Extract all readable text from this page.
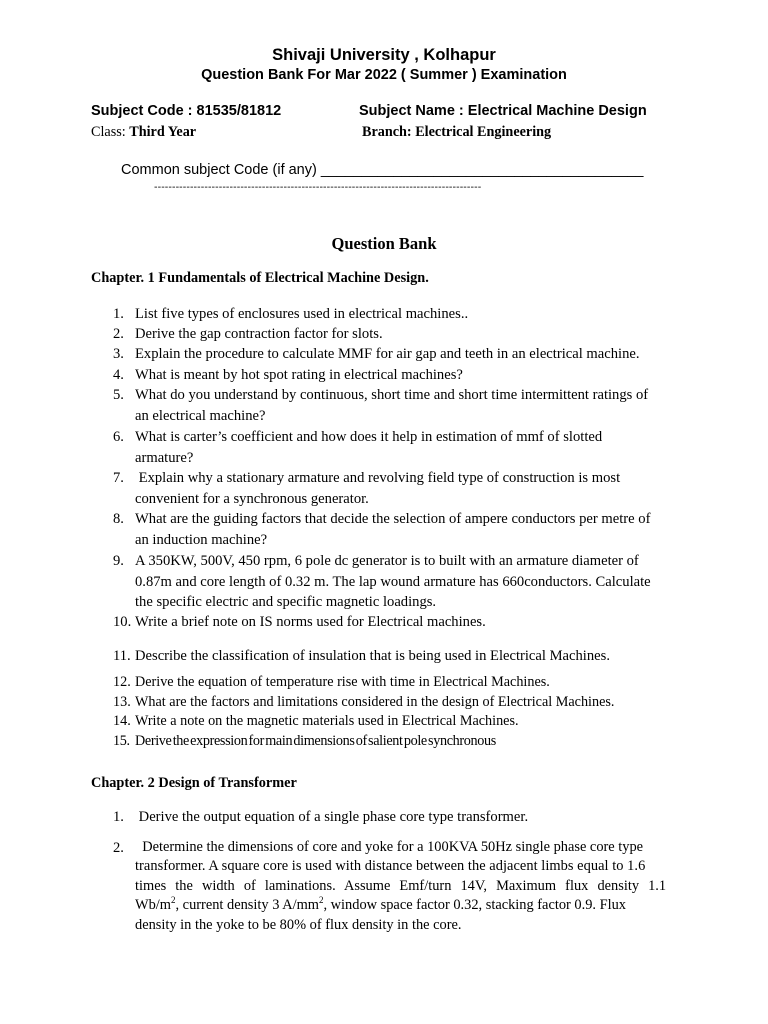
Shivaji University , Kolhapur
Question Bank For Mar 2022 ( Summer ) Examination
Subject Code : 81535/81812	Subject Name : Electrical Machine Design
Class: Third Year	Branch: Electrical Engineering
Common subject Code (if any) ________________________________________
-------------------------------------------------------------------------------------------
Question Bank
Chapter. 1 Fundamentals of Electrical Machine Design.
1. List five types of enclosures used in electrical machines..
2. Derive the gap contraction factor for slots.
3. Explain the procedure to calculate MMF for air gap and teeth in an electrical machine.
4. What is meant by hot spot rating in electrical machines?
5. What do you understand by continuous, short time and short time intermittent ratings of
an electrical machine?
6. What is carter’s coefficient and how does it help in estimation of mmf of slotted
armature?
7. Explain why a stationary armature and revolving field type of construction is most
convenient for a synchronous generator.
8. What are the guiding factors that decide the selection of ampere conductors per metre of
an induction machine?
9. A 350KW, 500V, 450 rpm, 6 pole dc generator is to built with an armature diameter of
0.87m and core length of 0.32 m. The lap wound armature has 660conductors. Calculate
the specific electric and specific magnetic loadings.
10. Write a brief note on IS norms used for Electrical machines.
11. Describe the classification of insulation that is being used in Electrical Machines.
12. Derive the equation of temperature rise with time in Electrical Machines.
13. What are the factors and limitations considered in the design of Electrical Machines.
14. Write a note on the magnetic materials used in Electrical Machines.
15. Derive the expression for main dimensions of salient pole synchronous
Chapter. 2 Design of Transformer
1. Derive the output equation of a single phase core type transformer.
2. Determine the dimensions of core and yoke for a 100KVA 50Hz single phase core type
transformer. A square core is used with distance between the adjacent limbs equal to 1.6
times the width of laminations. Assume Emf/turn 14V, Maximum flux density 1.1
$Wb/m^2$, current density 3 $A/mm^2$, window space factor 0.32, stacking factor 0.9. Flux
density in the yoke to be 80% of flux density in the core.
